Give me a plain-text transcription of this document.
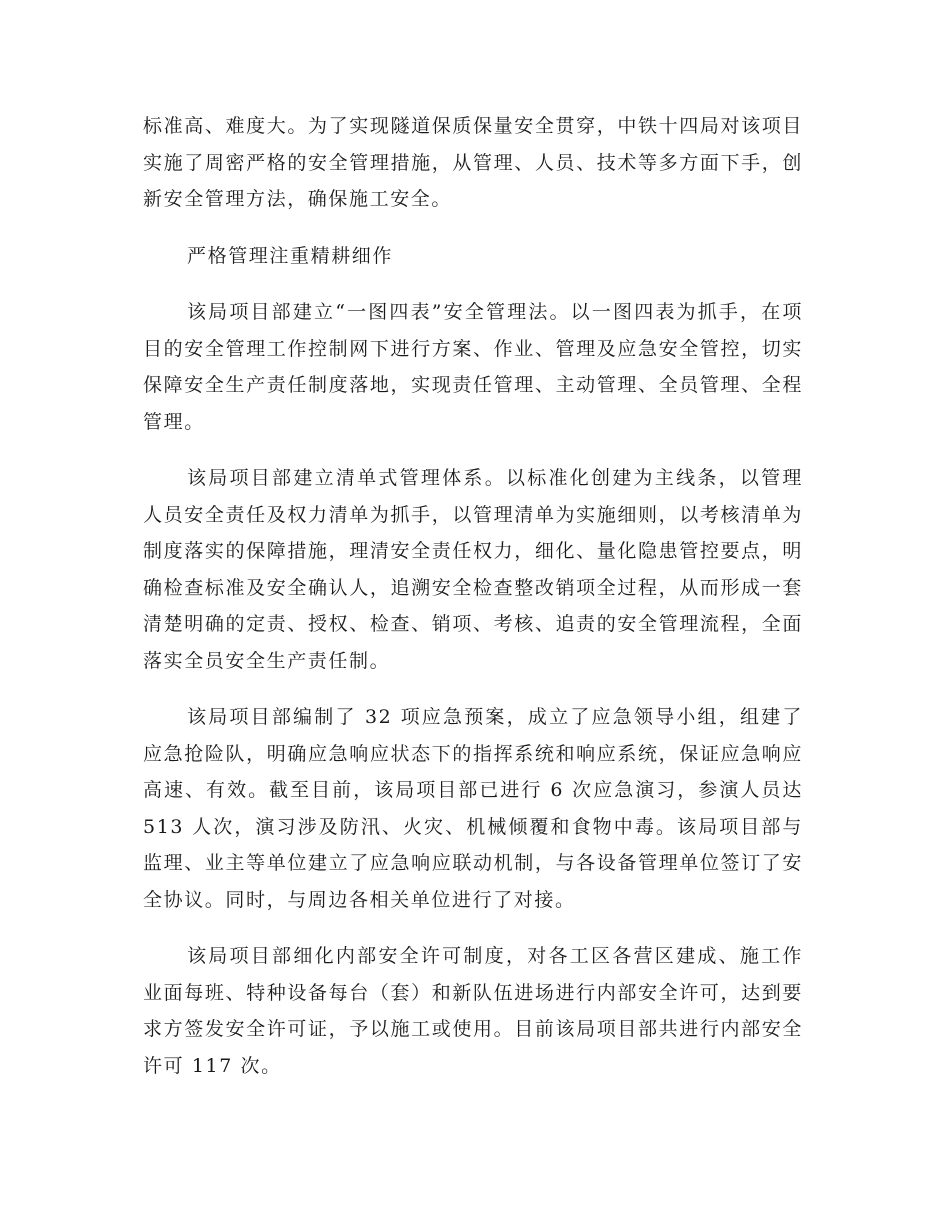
标准高、难度大。为了实现隧道保质保量安全贯穿，中铁十四局对该项目实施了周密严格的安全管理措施，从管理、人员、技术等多方面下手，创新安全管理方法，确保施工安全。

严格管理注重精耕细作

该局项目部建立“一图四表”安全管理法。以一图四表为抓手，在项目的安全管理工作控制网下进行方案、作业、管理及应急安全管控，切实保障安全生产责任制度落地，实现责任管理、主动管理、全员管理、全程管理。

该局项目部建立清单式管理体系。以标准化创建为主线条，以管理人员安全责任及权力清单为抓手，以管理清单为实施细则，以考核清单为制度落实的保障措施，理清安全责任权力，细化、量化隐患管控要点，明确检查标准及安全确认人，追溯安全检查整改销项全过程，从而形成一套清楚明确的定责、授权、检查、销项、考核、追责的安全管理流程，全面落实全员安全生产责任制。

该局项目部编制了 32 项应急预案，成立了应急领导小组，组建了应急抢险队，明确应急响应状态下的指挥系统和响应系统，保证应急响应高速、有效。截至目前，该局项目部已进行 6 次应急演习，参演人员达 513 人次，演习涉及防汛、火灾、机械倾覆和食物中毒。该局项目部与监理、业主等单位建立了应急响应联动机制，与各设备管理单位签订了安全协议。同时，与周边各相关单位进行了对接。

该局项目部细化内部安全许可制度，对各工区各营区建成、施工作业面每班、特种设备每台（套）和新队伍进场进行内部安全许可，达到要求方签发安全许可证，予以施工或使用。目前该局项目部共进行内部安全许可 117 次。
